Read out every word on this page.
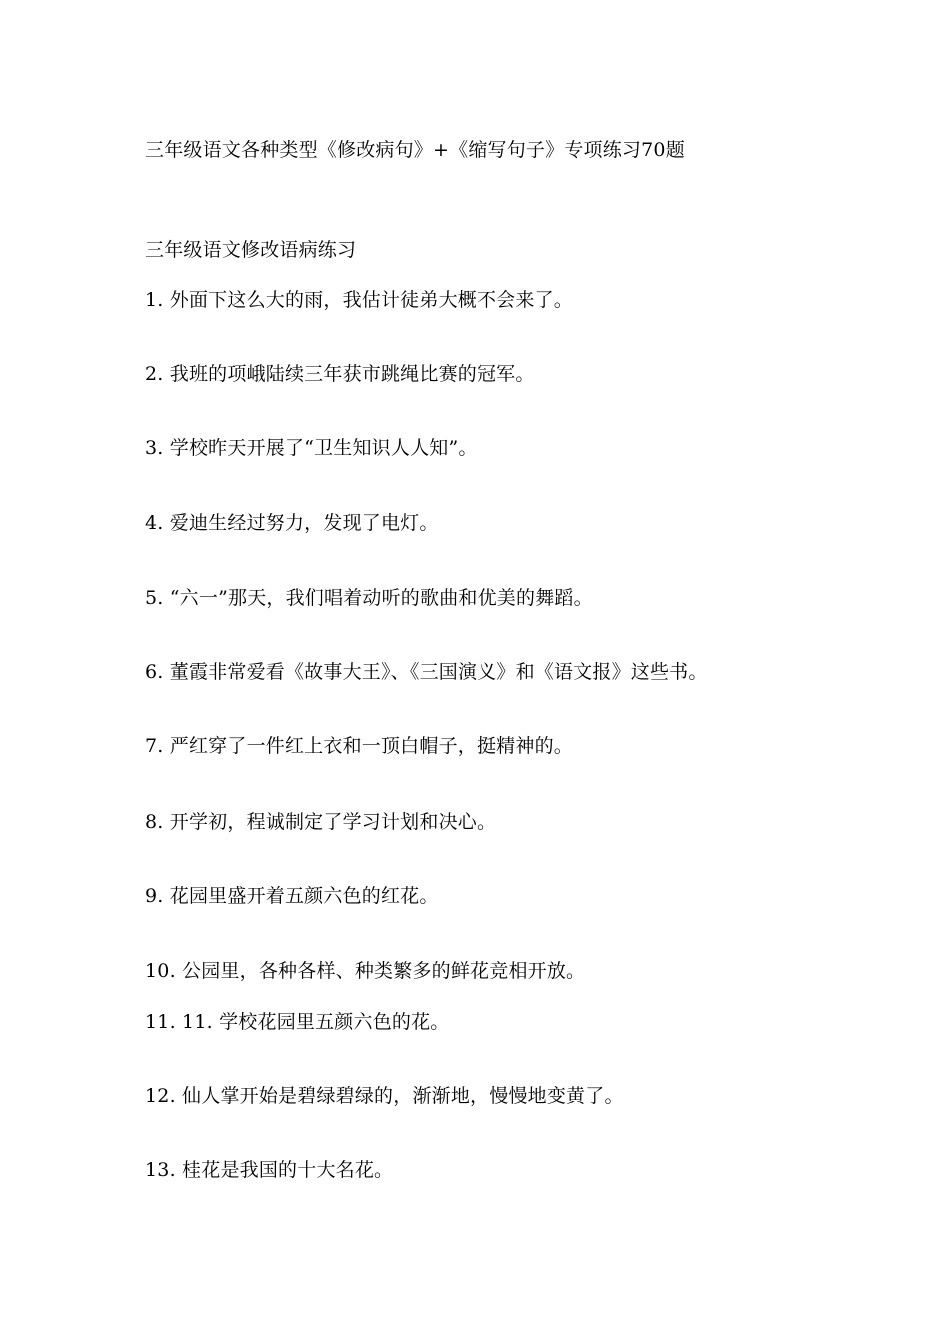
三年级语文各种类型《修改病句》+《缩写句子》专项练习70题
三年级语文修改语病练习
1. 外面下这么大的雨，我估计徒弟大概不会来了。
2. 我班的项峨陆续三年获市跳绳比赛的冠军。
3. 学校昨天开展了“卫生知识人人知”。
4. 爱迪生经过努力，发现了电灯。
5. “六一”那天，我们唱着动听的歌曲和优美的舞蹈。
6. 董霞非常爱看《故事大王》、《三国演义》和《语文报》这些书。
7. 严红穿了一件红上衣和一顶白帽子，挺精神的。
8. 开学初，程诚制定了学习计划和决心。
9. 花园里盛开着五颜六色的红花。
10. 公园里，各种各样、种类繁多的鲜花竞相开放。
11. 11. 学校花园里五颜六色的花。
12. 仙人掌开始是碧绿碧绿的，渐渐地，慢慢地变黄了。
13. 桂花是我国的十大名花。
